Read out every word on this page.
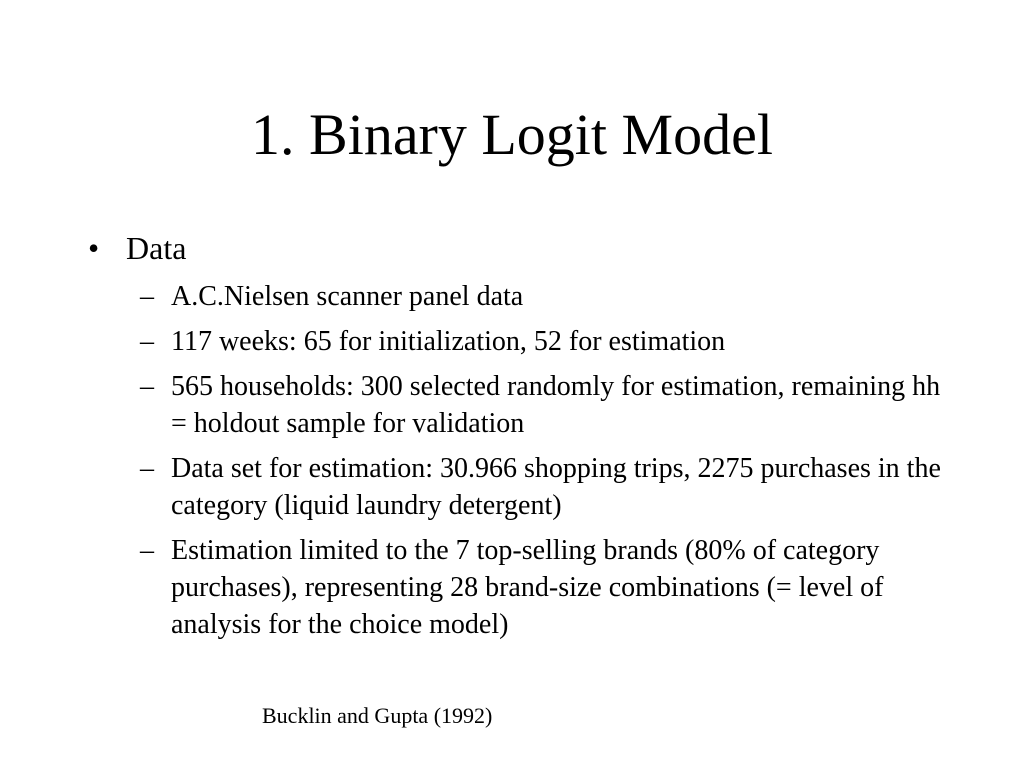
1. Binary Logit Model
• Data
– A.C.Nielsen scanner panel data
– 117 weeks: 65 for initialization, 52 for estimation
– 565 households: 300 selected randomly for estimation, remaining hh = holdout sample for validation
– Data set for estimation: 30.966 shopping trips, 2275 purchases in the category (liquid laundry detergent)
– Estimation limited to the 7 top-selling brands (80% of category purchases), representing 28 brand-size combinations (= level of analysis for the choice model)
Bucklin and Gupta (1992)
